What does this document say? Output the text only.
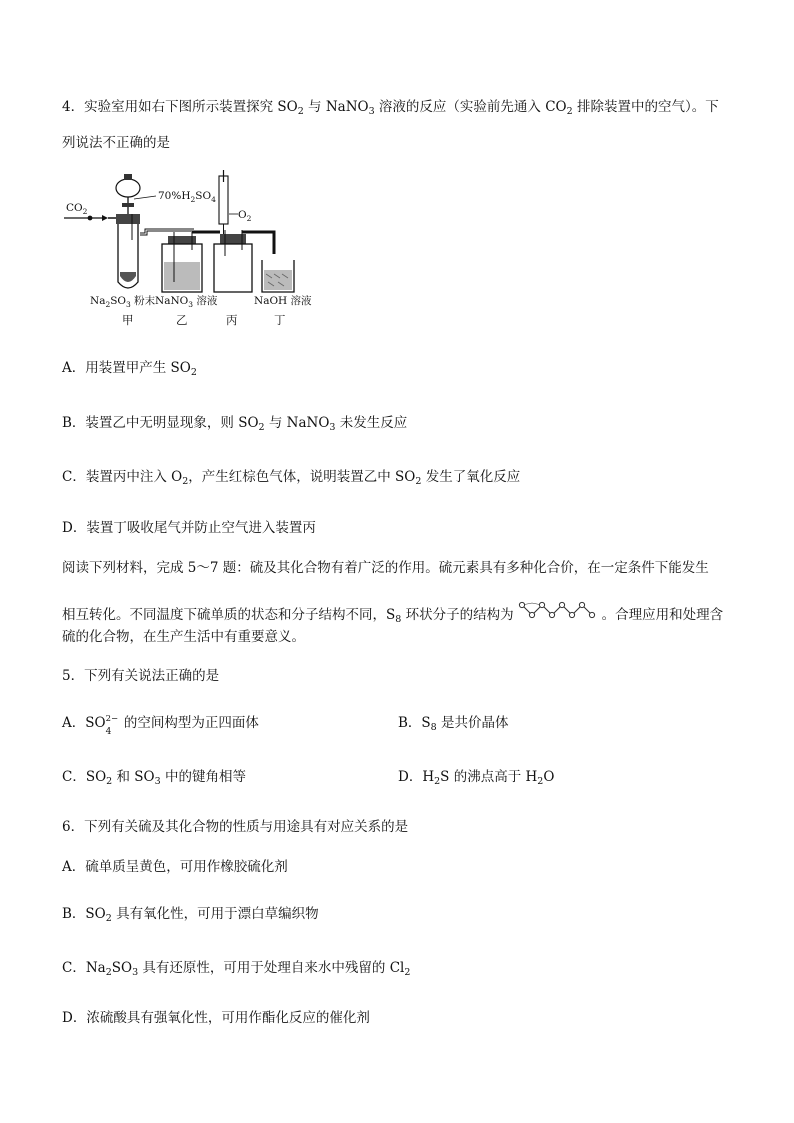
4．实验室用如右下图所示装置探究 $SO_2$ 与 NaNO$_3$ 溶液的反应（实验前先通入 $CO_2$ 排除装置中的空气）。下
列说法不正确的是
$CO_2$
$70\%H_2SO_4$
$O_2$
$Na_2SO_3$ 粉末 NaNO$_3$ 溶液	NaOH 溶液
甲	乙	丙	丁
A．用装置甲产生 $SO_2$
B．装置乙中无明显现象，则 $SO_2$ 与 NaNO$_3$ 未发生反应
C．装置丙中注入 $O_2$，产生红棕色气体，说明装置乙中 $SO_2$ 发生了氧化反应
D．装置丁吸收尾气并防止空气进入装置丙
阅读下列材料，完成 5～7 题：硫及其化合物有着广泛的作用。硫元素具有多种化合价，在一定条件下能发生
相互转化。不同温度下硫单质的状态和分子结构不同，$S_8$ 环状分子的结构为	。合理应用和处理含
硫的化合物，在生产生活中有重要意义。
5．下列有关说法正确的是
A．SO
4
2− 的空间构型为正四面体	B．$S_8$ 是共价晶体
C．$SO_2$ 和 $SO_3$ 中的键角相等	D．$H_2S$ 的沸点高于 $H_2O$
6．下列有关硫及其化合物的性质与用途具有对应关系的是
A．硫单质呈黄色，可用作橡胶硫化剂
B．$SO_2$ 具有氧化性，可用于漂白草编织物
C．$Na_2SO_3$ 具有还原性，可用于处理自来水中残留的 $Cl_2$
D．浓硫酸具有强氧化性，可用作酯化反应的催化剂
